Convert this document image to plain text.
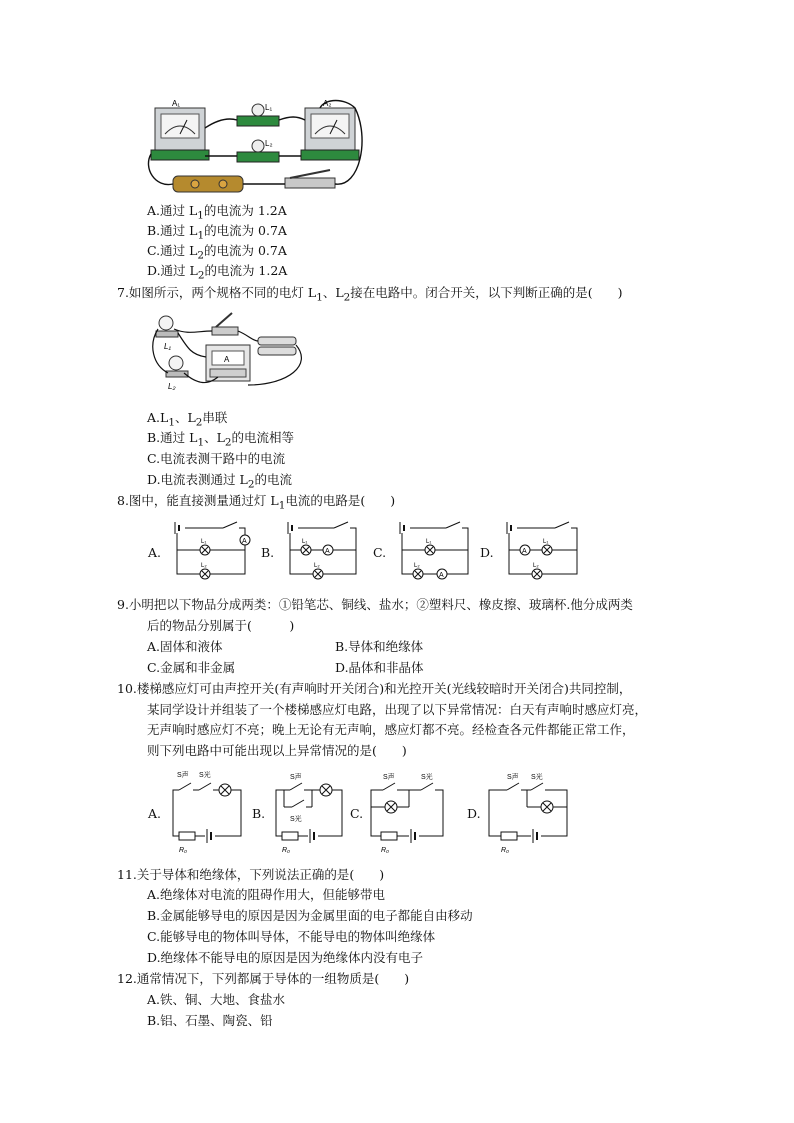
A₁	A₂
L₁
L₂
A.通过 $L_1$的电流为 1.2A
B.通过 $L_1$的电流为 0.7A
C.通过 $L_2$的电流为 0.7A
D.通过 $L_2$的电流为 1.2A
7.如图所示，两个规格不同的电灯 $L_1$、$L_2$接在电路中。闭合开关，以下判断正确的是(　　)
A
L₁
L₂
$A.L_1$、$L_2$串联
B.通过 $L_1$、$L_2$的电流相等
C.电流表测干路中的电流
D.电流表测通过 $L_2$的电流
8.图中，能直接测量通过灯 $L_1$电流的电路是(　　)
A.
A
L₁
L₂
B.	A
L₁
L₂
C.
A
L₁
L₂
D.	A
L₁
L₂
9.小明把以下物品分成两类：①铅笔芯、铜线、盐水；②塑料尺、橡皮擦、玻璃杯.他分成两类
后的物品分别属于(　　　)
A.固体和液体	B.导体和绝缘体
C.金属和非金属	D.晶体和非晶体
10.楼梯感应灯可由声控开关(有声响时开关闭合)和光控开关(光线较暗时开关闭合)共同控制，
某同学设计并组装了一个楼梯感应灯电路，出现了以下异常情况：白天有声响时感应灯亮，
无声响时感应灯不亮；晚上无论有无声响，感应灯都不亮。经检查各元件都能正常工作，
则下列电路中可能出现以上异常情况的是(　　)
A.
S声 S光
R₀
B.
S声
S光
R₀
C.
S声	S光
R₀
D.
S声 S光
R₀
11.关于导体和绝缘体，下列说法正确的是(　　)
A.绝缘体对电流的阻碍作用大，但能够带电
B.金属能够导电的原因是因为金属里面的电子都能自由移动
C.能够导电的物体叫导体，不能导电的物体叫绝缘体
D.绝缘体不能导电的原因是因为绝缘体内没有电子
12.通常情况下，下列都属于导体的一组物质是(　　)
A.铁、铜、大地、食盐水
B.铝、石墨、陶瓷、铅
